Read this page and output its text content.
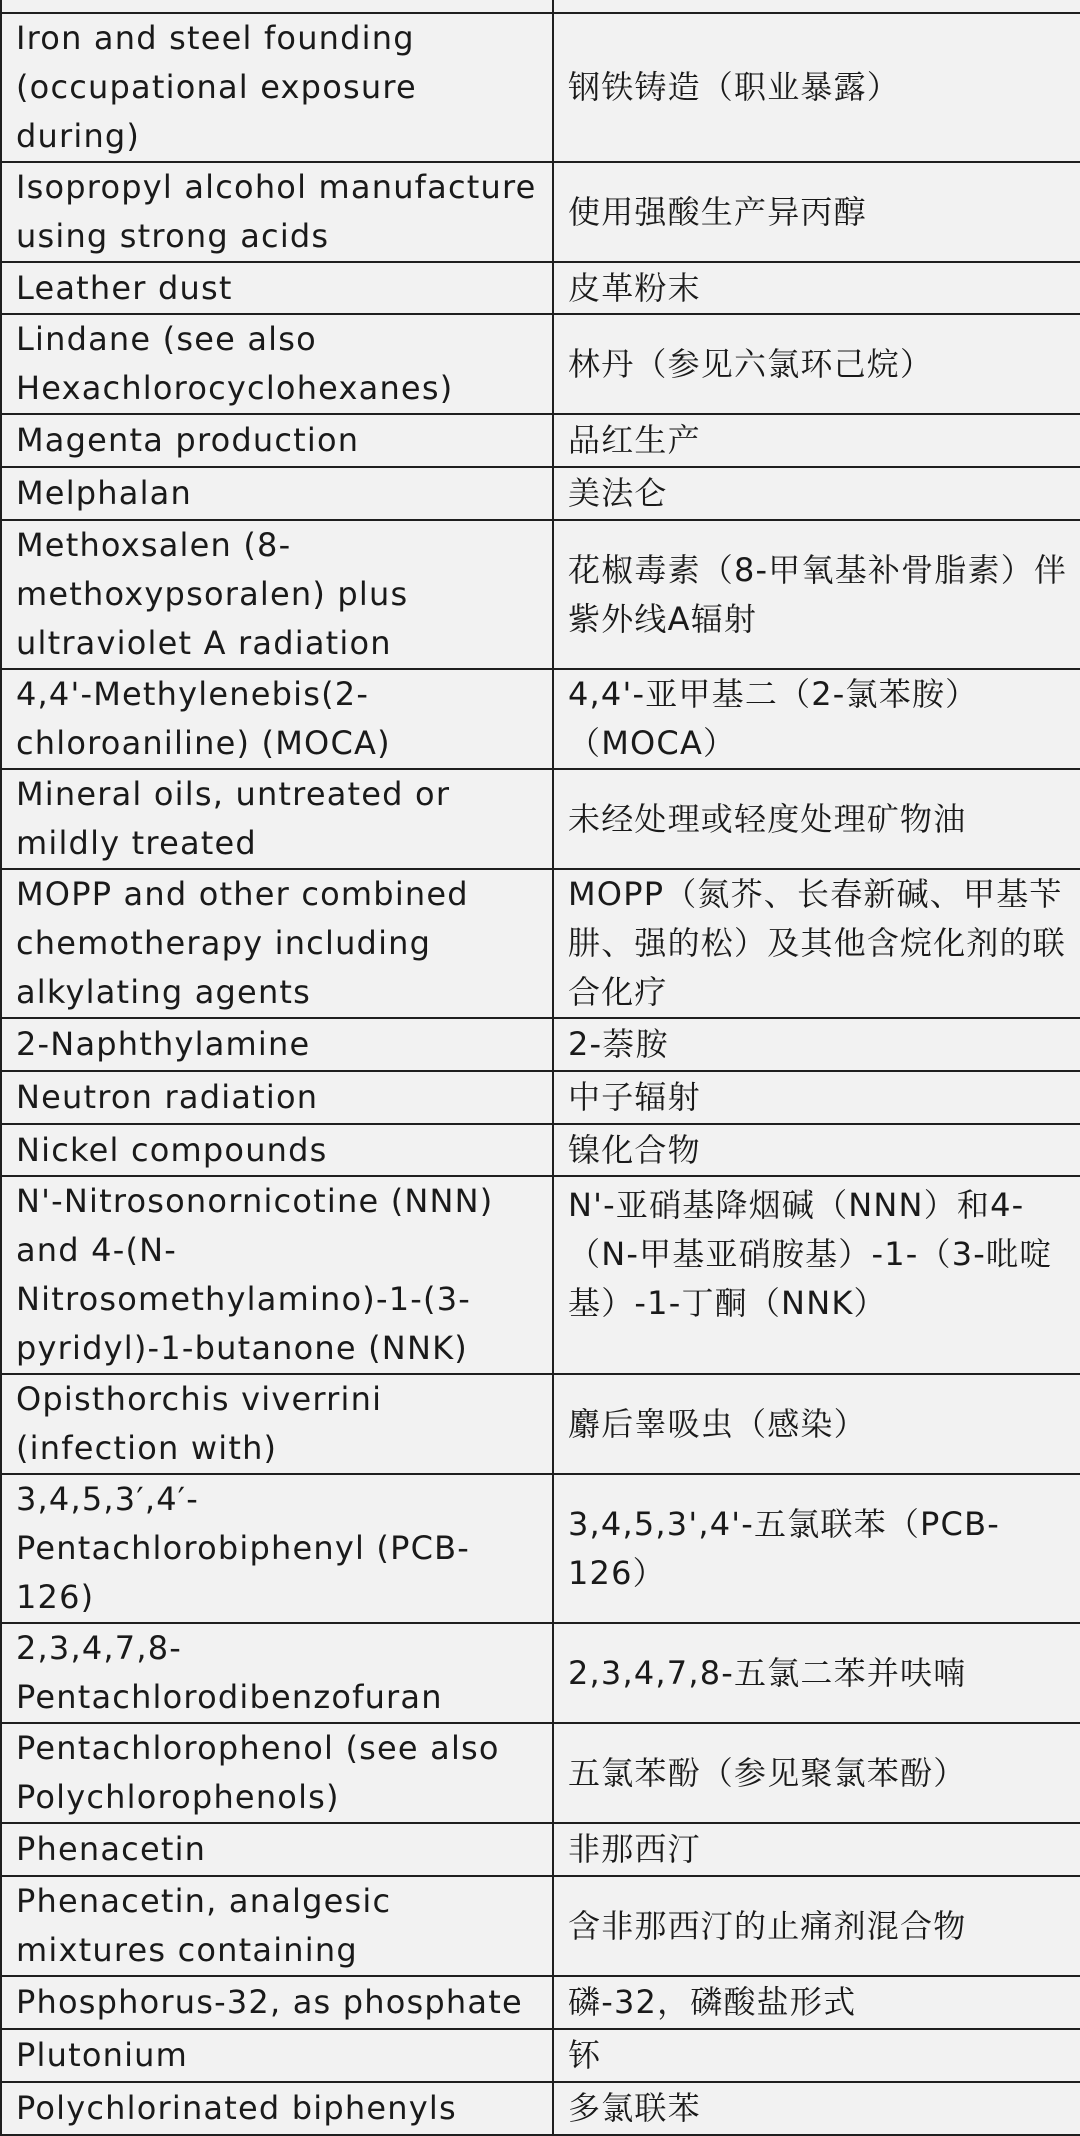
Iron and steel founding (occupational exposure during)	钢铁铸造（职业暴露）
Isopropyl alcohol manufacture using strong acids	使用强酸生产异丙醇
Leather dust	皮革粉末
Lindane (see also Hexachlorocyclohexanes)	林丹（参见六氯环己烷）
Magenta production	品红生产
Melphalan	美法仑
Methoxsalen (8-methoxypsoralen) plus ultraviolet A radiation	花椒毒素（8-甲氧基补骨脂素）伴紫外线A辐射
4,4'-Methylenebis(2-chloroaniline) (MOCA)	4,4'-亚甲基二（2-氯苯胺）（MOCA）
Mineral oils, untreated or mildly treated	未经处理或轻度处理矿物油
MOPP and other combined chemotherapy including alkylating agents	MOPP（氮芥、长春新碱、甲基苄肼、强的松）及其他含烷化剂的联合化疗
2-Naphthylamine	2-萘胺
Neutron radiation	中子辐射
Nickel compounds	镍化合物
N'-Nitrosonornicotine (NNN) and 4-(N-Nitrosomethylamino)-1-(3-pyridyl)-1-butanone (NNK)	N'-亚硝基降烟碱（NNN）和4-（N-甲基亚硝胺基）-1-（3-吡啶基）-1-丁酮（NNK）
Opisthorchis viverrini (infection with)	麝后睾吸虫（感染）
3,4,5,3′,4′-Pentachlorobiphenyl (PCB-126)	3,4,5,3',4'-五氯联苯（PCB-126）
2,3,4,7,8-Pentachlorodibenzofuran	2,3,4,7,8-五氯二苯并呋喃
Pentachlorophenol (see also Polychlorophenols)	五氯苯酚（参见聚氯苯酚）
Phenacetin	非那西汀
Phenacetin, analgesic mixtures containing	含非那西汀的止痛剂混合物
Phosphorus-32, as phosphate	磷-32，磷酸盐形式
Plutonium	钚
Polychlorinated biphenyls	多氯联苯
